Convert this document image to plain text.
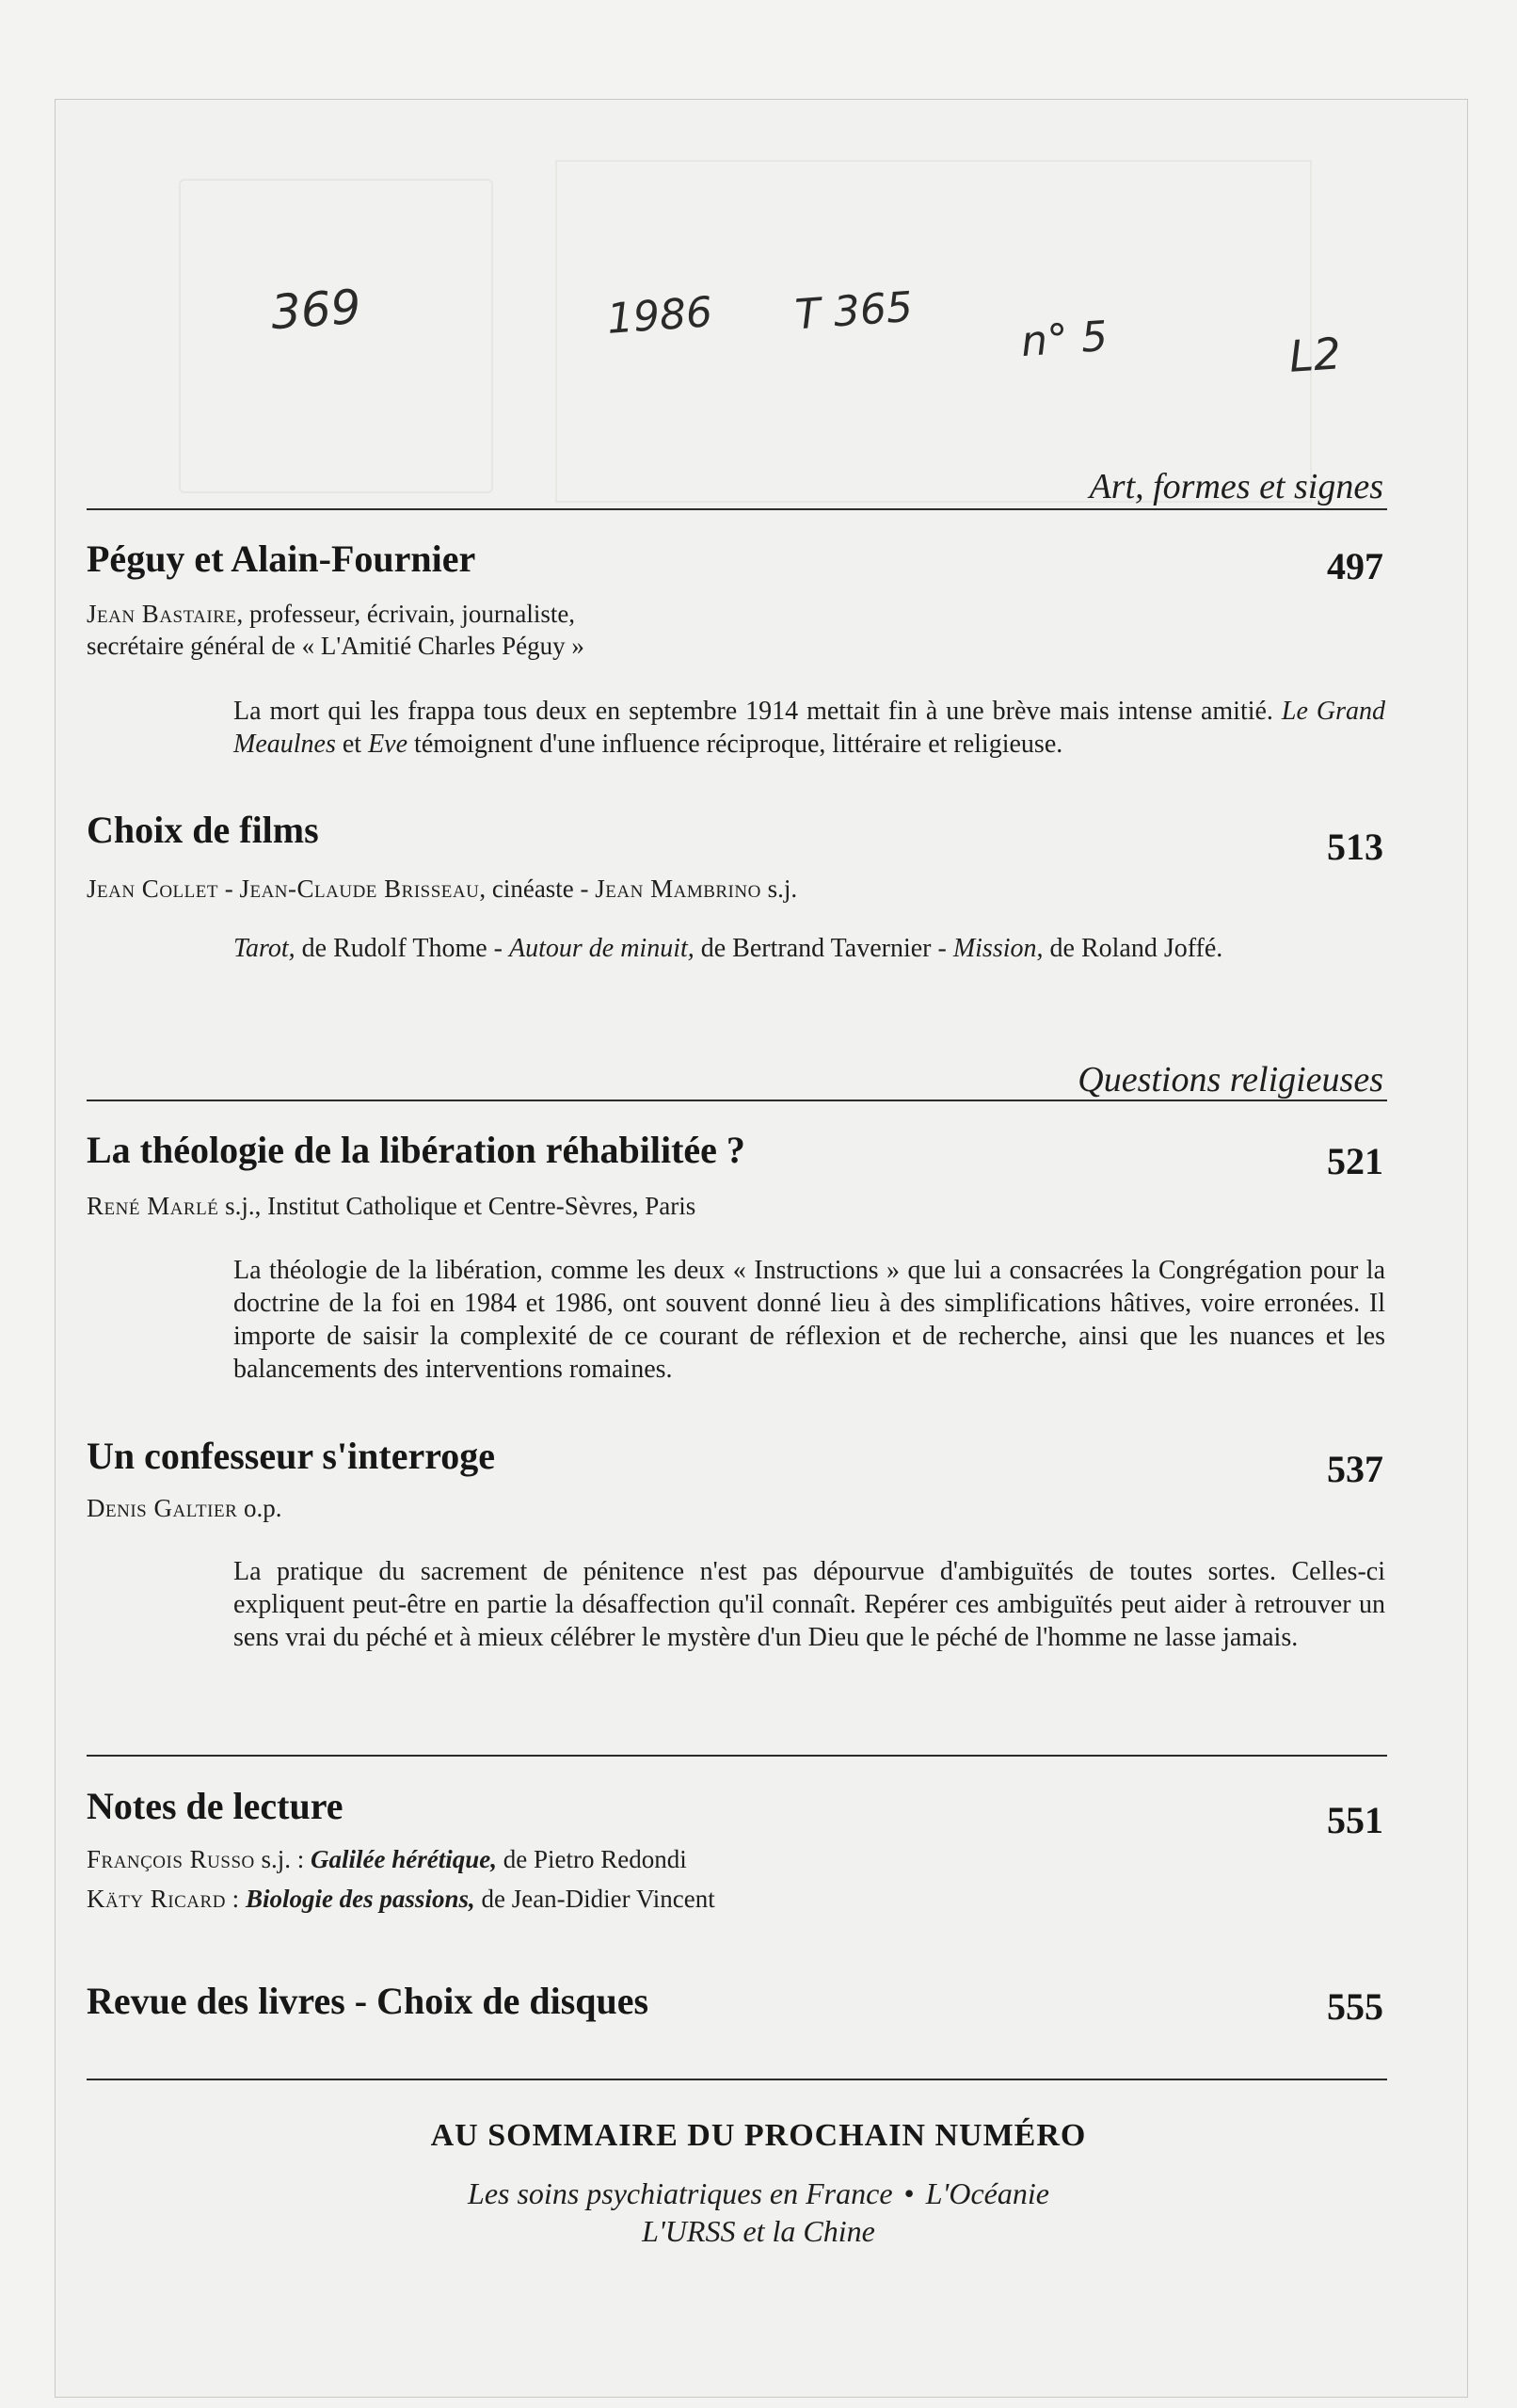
369	1986 T 365
n° 5	L2
Art, formes et signes
Péguy et Alain-Fournier	497
Jean Bastaire, professeur, écrivain, journaliste,
secrétaire général de « L'Amitié Charles Péguy »
La mort qui les frappa tous deux en septembre 1914 mettait fin à une brève mais intense amitié. Le Grand Meaulnes et Eve témoignent d'une influence réciproque, littéraire et religieuse.
Choix de films	513
Jean Collet - Jean-Claude Brisseau, cinéaste - Jean Mambrino s.j.
Tarot, de Rudolf Thome - Autour de minuit, de Bertrand Tavernier - Mission, de Roland Joffé.
Questions religieuses
La théologie de la libération réhabilitée ?	521
René Marlé s.j., Institut Catholique et Centre-Sèvres, Paris
La théologie de la libération, comme les deux « Instructions » que lui a consacrées la Congrégation pour la doctrine de la foi en 1984 et 1986, ont souvent donné lieu à des simplifications hâtives, voire erronées. Il importe de saisir la complexité de ce courant de réflexion et de recherche, ainsi que les nuances et les balancements des interventions romaines.
Un confesseur s'interroge	537
Denis Galtier o.p.
La pratique du sacrement de pénitence n'est pas dépourvue d'ambiguïtés de toutes sortes. Celles-ci expliquent peut-être en partie la désaffection qu'il connaît. Repérer ces ambiguïtés peut aider à retrouver un sens vrai du péché et à mieux célébrer le mystère d'un Dieu que le péché de l'homme ne lasse jamais.
Notes de lecture	551
François Russo s.j. : Galilée hérétique, de Pietro Redondi
Käty Ricard : Biologie des passions, de Jean-Didier Vincent
Revue des livres - Choix de disques	555
AU SOMMAIRE DU PROCHAIN NUMÉRO
Les soins psychiatriques en France • L'Océanie
L'URSS et la Chine
